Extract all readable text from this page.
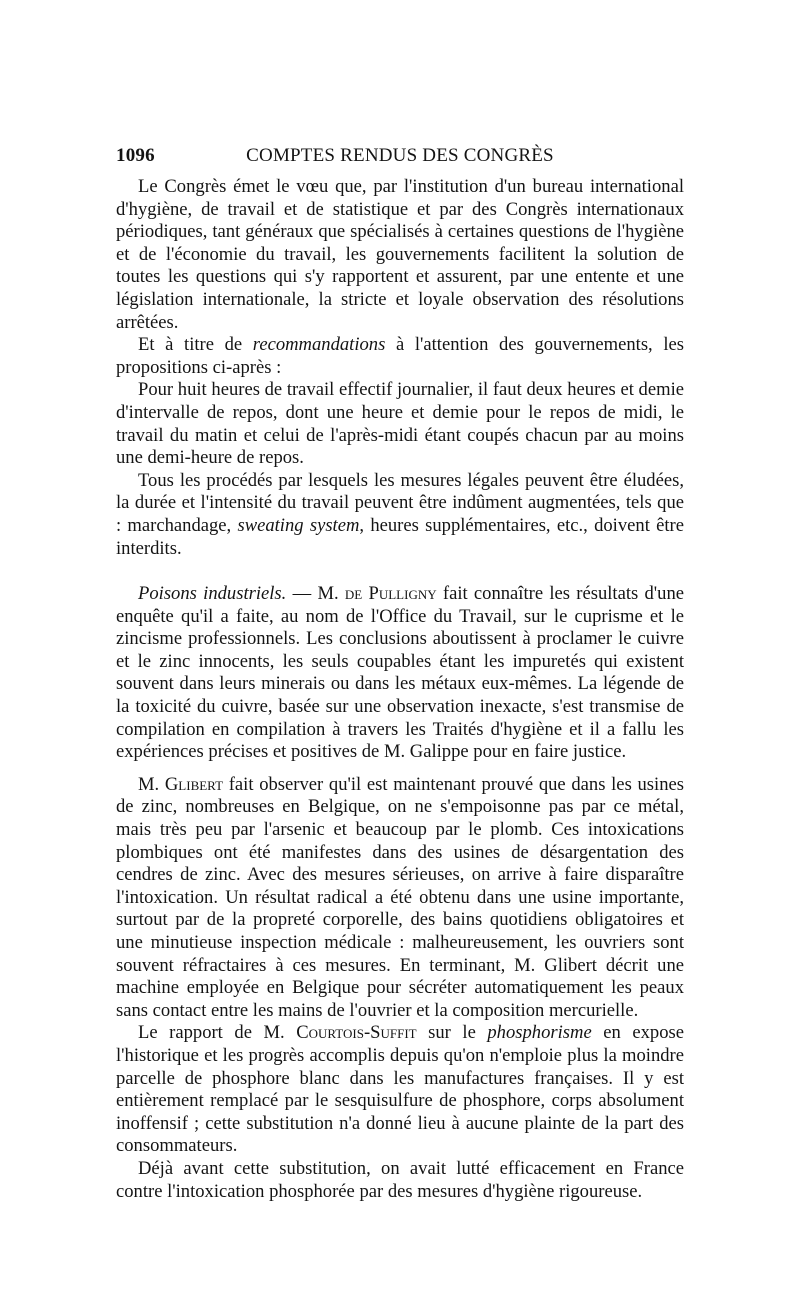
1096	COMPTES RENDUS DES CONGRÈS

Le Congrès émet le vœu que, par l'institution d'un bureau international d'hygiène, de travail et de statistique et par des Congrès internationaux périodiques, tant généraux que spécialisés à certaines questions de l'hygiène et de l'économie du travail, les gouvernements facilitent la solution de toutes les questions qui s'y rapportent et assurent, par une entente et une législation internationale, la stricte et loyale observation des résolutions arrêtées.

Et à titre de recommandations à l'attention des gouvernements, les propositions ci-après :

Pour huit heures de travail effectif journalier, il faut deux heures et demie d'intervalle de repos, dont une heure et demie pour le repos de midi, le travail du matin et celui de l'après-midi étant coupés chacun par au moins une demi-heure de repos.

Tous les procédés par lesquels les mesures légales peuvent être éludées, la durée et l'intensité du travail peuvent être indûment augmentées, tels que : marchandage, sweating system, heures supplémentaires, etc., doivent être interdits.

Poisons industriels. — M. de Pulligny fait connaître les résultats d'une enquête qu'il a faite, au nom de l'Office du Travail, sur le cuprisme et le zincisme professionnels. Les conclusions aboutissent à proclamer le cuivre et le zinc innocents, les seuls coupables étant les impuretés qui existent souvent dans leurs minerais ou dans les métaux eux-mêmes. La légende de la toxicité du cuivre, basée sur une observation inexacte, s'est transmise de compilation en compilation à travers les Traités d'hygiène et il a fallu les expériences précises et positives de M. Galippe pour en faire justice.

M. Glibert fait observer qu'il est maintenant prouvé que dans les usines de zinc, nombreuses en Belgique, on ne s'empoisonne pas par ce métal, mais très peu par l'arsenic et beaucoup par le plomb. Ces intoxications plombiques ont été manifestes dans des usines de désargentation des cendres de zinc. Avec des mesures sérieuses, on arrive à faire disparaître l'intoxication. Un résultat radical a été obtenu dans une usine importante, surtout par de la propreté corporelle, des bains quotidiens obligatoires et une minutieuse inspection médicale : malheureusement, les ouvriers sont souvent réfractaires à ces mesures. En terminant, M. Glibert décrit une machine employée en Belgique pour sécréter automatiquement les peaux sans contact entre les mains de l'ouvrier et la composition mercurielle.

Le rapport de M. Courtois-Suffit sur le phosphorisme en expose l'historique et les progrès accomplis depuis qu'on n'emploie plus la moindre parcelle de phosphore blanc dans les manufactures françaises. Il y est entièrement remplacé par le sesquisulfure de phosphore, corps absolument inoffensif ; cette substitution n'a donné lieu à aucune plainte de la part des consommateurs.

Déjà avant cette substitution, on avait lutté efficacement en France contre l'intoxication phosphorée par des mesures d'hygiène rigoureuse.
